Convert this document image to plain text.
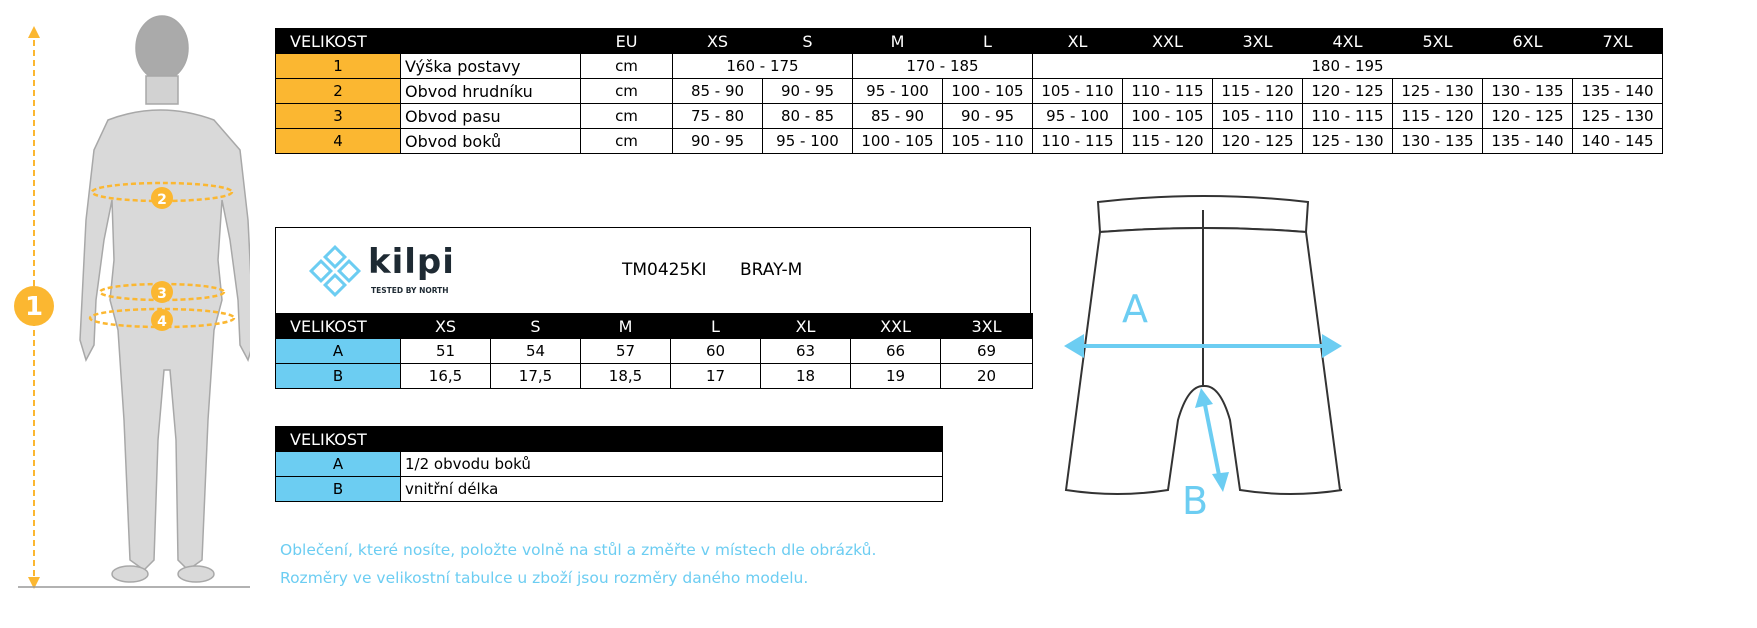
1
2
3
4
VELIKOST		EU	XS	S	M	L	XL	XXL	3XL	4XL	5XL	6XL	7XL
1	Výška postavy	cm	160 - 175		170 - 185		180 - 195						
2	Obvod hrudníku	cm	85 - 90	90 - 95	95 - 100	100 - 105	105 - 110	110 - 115	115 - 120	120 - 125	125 - 130	130 - 135	135 - 140
3	Obvod pasu	cm	75 - 80	80 - 85	85 - 90	90 - 95	95 - 100	100 - 105	105 - 110	110 - 115	115 - 120	120 - 125	125 - 130
4	Obvod boků	cm	90 - 95	95 - 100	100 - 105	105 - 110	110 - 115	115 - 120	120 - 125	125 - 130	130 - 135	135 - 140	140 - 145
kilpi
TESTED BY NORTH
TM0425KI BRAY-M
VELIKOST	XS	S	M	L	XL	XXL	3XL
A	51	54	57	60	63	66	69
B	16,5	17,5	18,5	17	18	19	20
VELIKOST	
A	1/2 obvodu boků
B	vnitřní délka
Oblečení, které nosíte, položte volně na stůl a změřte v místech dle obrázků.
Rozměry ve velikostní tabulce u zboží jsou rozměry daného modelu.
A
B
